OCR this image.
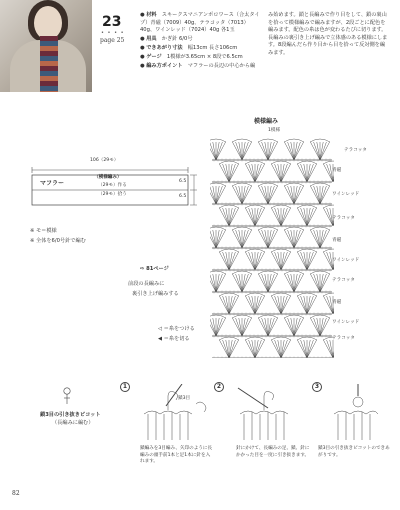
23
• • • •
page 25
● 材料　 スキークスマニアンポロワース（合太タイプ）青磁（7009）40g、テラコッタ（7013）40g、ワインレッド（7024）40g 各1玉
● 用具　 かぎ針 6/0号
● できあがり寸法　 幅13cm 長さ106cm
● ゲージ　 1模様が3.65cm × 8段で6.5cm
● 編み方ポイント　 マフラーの長辺の中心から編
み始めます。鎖と長編みで作り目をして、鎖の裏山を拾って模様編みで編みますが、2段ごとに配色を編みます。配色の糸は色が変わるたびに切ります。長編みの裏引き上げ編みで立体感のある模様にします。8段編んだら作り目から目を拾って反対側を編みます。
106（29モ）
マフラー
（模様編み）
（29モ）作る
（29モ）拾う
6.5
6.5
※ モ＝模様
※ 全体を6/0号針で編む
⇨ 81ページ
前段の長編みに
裏引き上げ編みする
◁ ＝糸をつける
◀ ＝糸を切る
模様編み
1模様
テラコッタ
青磁
ワインレッド
テラコッタ
青磁
ワインレッド
テラコッタ
青磁
ワインレッド
テラコッタ
鎖3目の引き抜きピコット
（長編みに編む）
1	2	3
鎖3目
鎖編みを3目編み、矢印のように長編みの頭手前1本と足1本に針を入れます。
針にかけて、長編みの足、鎖、針にかかった目を一度に引き抜きます。
鎖3目の引き抜きピコットのできあがりです。
82
